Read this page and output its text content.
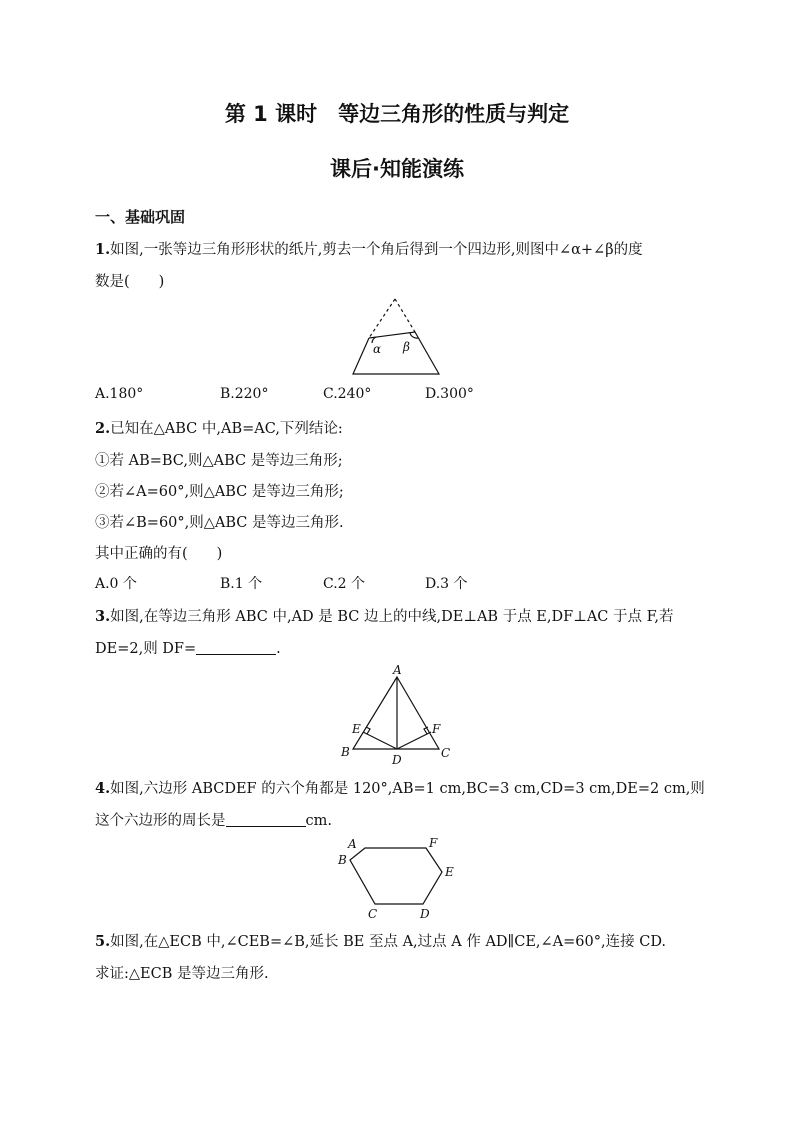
第 1 课时　等边三角形的性质与判定
课后·知能演练
一、基础巩固
1.如图,一张等边三角形形状的纸片,剪去一个角后得到一个四边形,则图中∠α+∠β的度
数是(　　)
α β
A.180°	B.220°	C.240°	D.300°
2.已知在△ABC 中,AB=AC,下列结论:
①若 AB=BC,则△ABC 是等边三角形;
②若∠A=60°,则△ABC 是等边三角形;
③若∠B=60°,则△ABC 是等边三角形.
其中正确的有(　　)
A.0 个	B.1 个	C.2 个	D.3 个
3.如图,在等边三角形 ABC 中,AD 是 BC 边上的中线,DE⊥AB 于点 E,DF⊥AC 于点 F,若
DE=2,则 DF=	.
A
B	C
D
E	F
4.如图,六边形 ABCDEF 的六个角都是 120°,AB=1 cm,BC=3 cm,CD=3 cm,DE=2 cm,则
这个六边形的周长是	cm.
A
B
C	D
E
F
5.如图,在△ECB 中,∠CEB=∠B,延长 BE 至点 A,过点 A 作 AD∥CE,∠A=60°,连接 CD.
求证:△ECB 是等边三角形.
